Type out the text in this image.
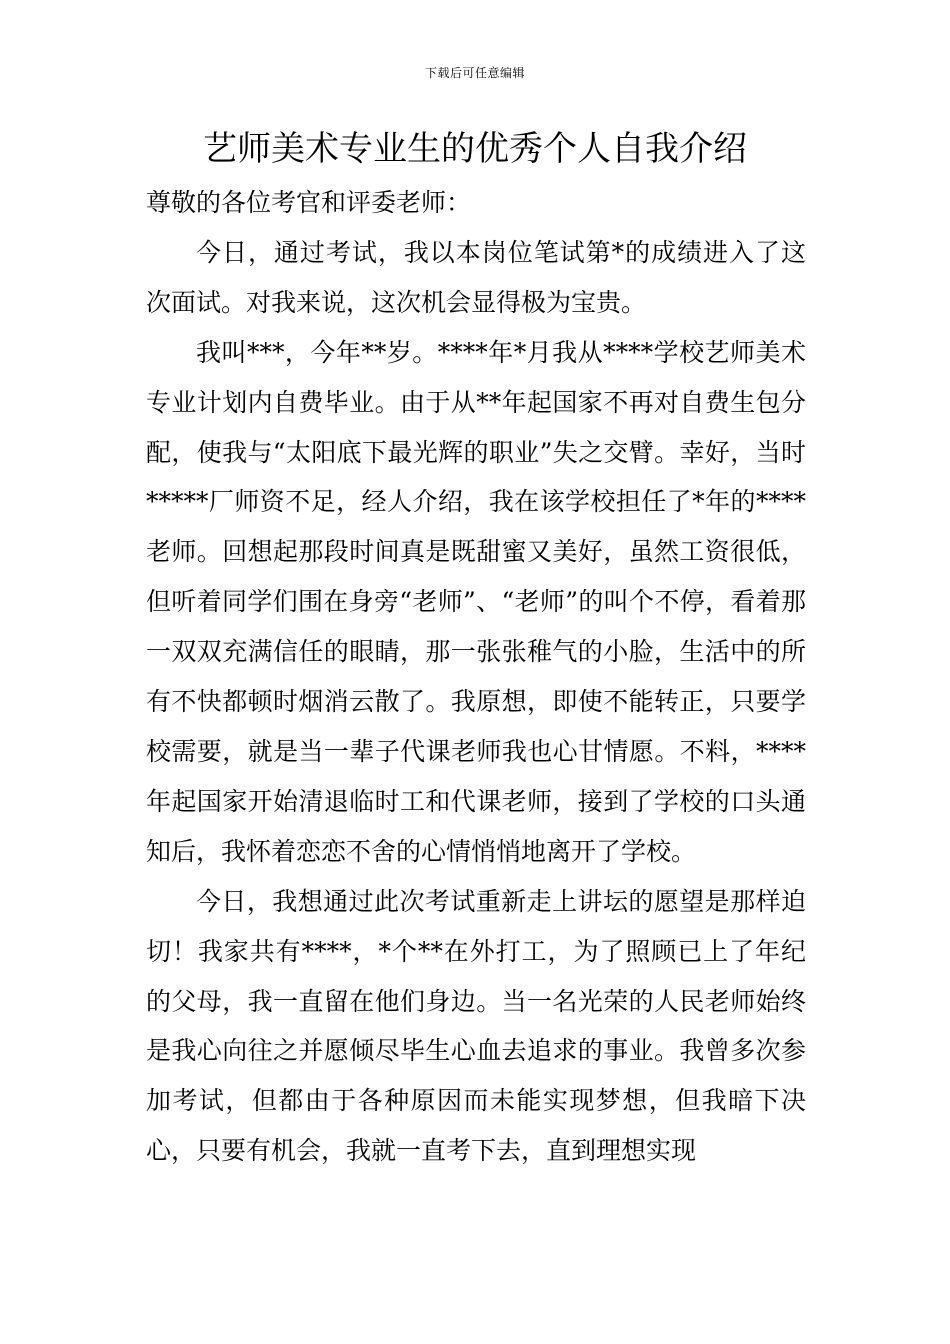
下载后可任意编辑
艺师美术专业生的优秀个人自我介绍

尊敬的各位考官和评委老师：

今日，通过考试，我以本岗位笔试第*的成绩进入了这次面试。对我来说，这次机会显得极为宝贵。

我叫***，今年**岁。****年*月我从****学校艺师美术专业计划内自费毕业。由于从**年起国家不再对自费生包分配，使我与“太阳底下最光辉的职业”失之交臂。幸好，当时*****厂师资不足，经人介绍，我在该学校担任了*年的****老师。回想起那段时间真是既甜蜜又美好，虽然工资很低，但听着同学们围在身旁“老师”、“老师”的叫个不停，看着那一双双充满信任的眼睛，那一张张稚气的小脸，生活中的所有不快都顿时烟消云散了。我原想，即使不能转正，只要学校需要，就是当一辈子代课老师我也心甘情愿。不料，****年起国家开始清退临时工和代课老师，接到了学校的口头通知后，我怀着恋恋不舍的心情悄悄地离开了学校。

今日，我想通过此次考试重新走上讲坛的愿望是那样迫切！我家共有****，*个**在外打工，为了照顾已上了年纪的父母，我一直留在他们身边。当一名光荣的人民老师始终是我心向往之并愿倾尽毕生心血去追求的事业。我曾多次参加考试，但都由于各种原因而未能实现梦想，但我暗下决心，只要有机会，我就一直考下去，直到理想实现
